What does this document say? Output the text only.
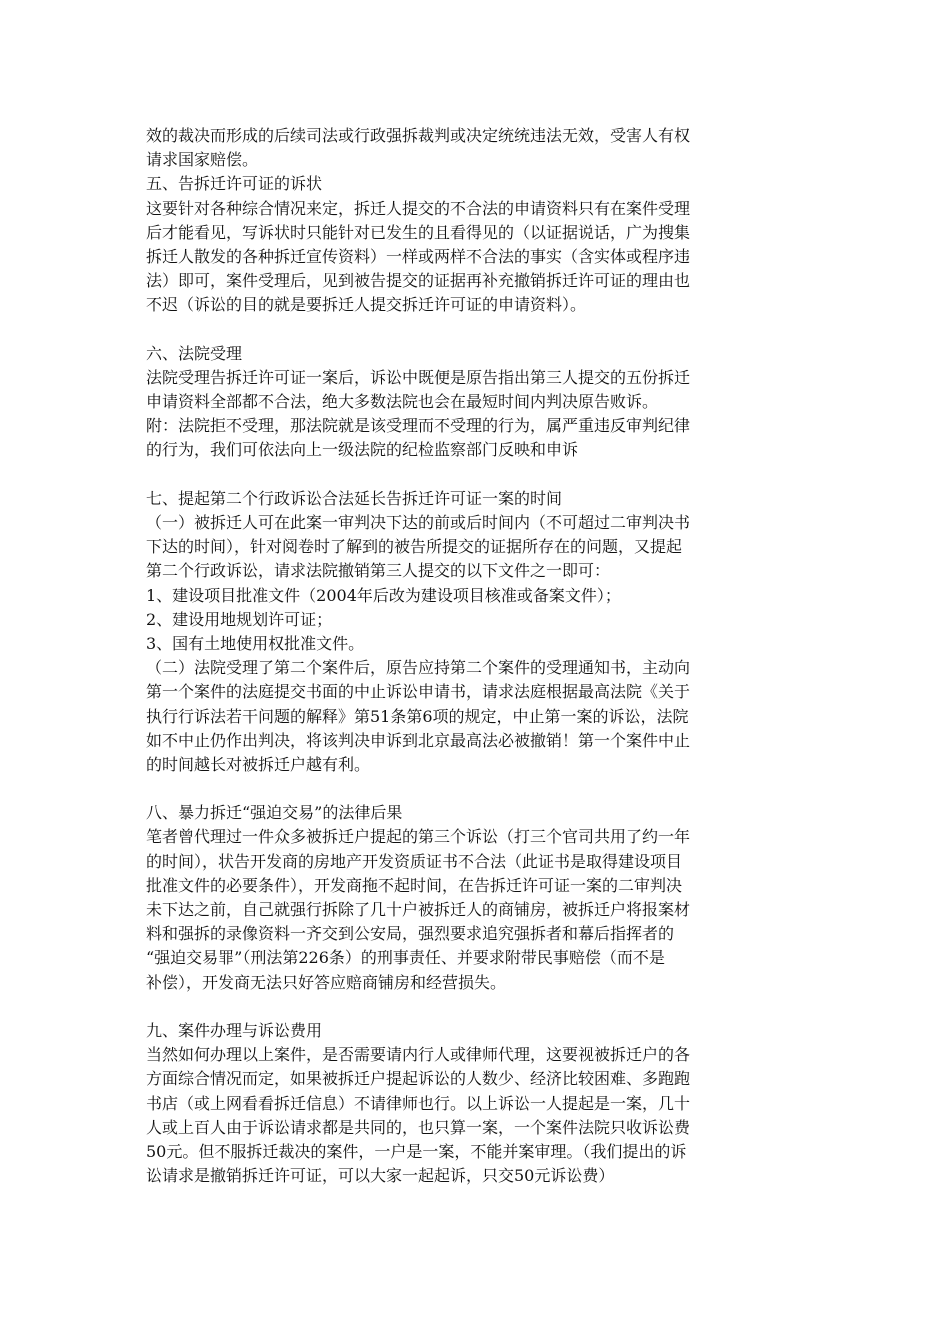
效的裁决而形成的后续司法或行政强拆裁判或决定统统违法无效，受害人有权
请求国家赔偿。
五、告拆迁许可证的诉状
这要针对各种综合情况来定，拆迁人提交的不合法的申请资料只有在案件受理
后才能看见，写诉状时只能针对已发生的且看得见的（以证据说话，广为搜集
拆迁人散发的各种拆迁宣传资料）一样或两样不合法的事实（含实体或程序违
法）即可，案件受理后，见到被告提交的证据再补充撤销拆迁许可证的理由也
不迟（诉讼的目的就是要拆迁人提交拆迁许可证的申请资料）。
六、法院受理
法院受理告拆迁许可证一案后，诉讼中既便是原告指出第三人提交的五份拆迁
申请资料全部都不合法，绝大多数法院也会在最短时间内判决原告败诉。
附：法院拒不受理，那法院就是该受理而不受理的行为，属严重违反审判纪律
的行为，我们可依法向上一级法院的纪检监察部门反映和申诉
七、提起第二个行政诉讼合法延长告拆迁许可证一案的时间
（一）被拆迁人可在此案一审判决下达的前或后时间内（不可超过二审判决书
下达的时间），针对阅卷时了解到的被告所提交的证据所存在的问题，又提起
第二个行政诉讼，请求法院撤销第三人提交的以下文件之一即可：
1、建设项目批准文件（2004年后改为建设项目核准或备案文件）；
2、建设用地规划许可证；
3、国有土地使用权批准文件。
（二）法院受理了第二个案件后，原告应持第二个案件的受理通知书，主动向
第一个案件的法庭提交书面的中止诉讼申请书，请求法庭根据最高法院《关于
执行行诉法若干问题的解释》第51条第6项的规定，中止第一案的诉讼，法院
如不中止仍作出判决，将该判决申诉到北京最高法必被撤销！第一个案件中止
的时间越长对被拆迁户越有利。
八、暴力拆迁“强迫交易”的法律后果
笔者曾代理过一件众多被拆迁户提起的第三个诉讼（打三个官司共用了约一年
的时间），状告开发商的房地产开发资质证书不合法（此证书是取得建设项目
批准文件的必要条件），开发商拖不起时间，在告拆迁许可证一案的二审判决
未下达之前，自己就强行拆除了几十户被拆迁人的商铺房，被拆迁户将报案材
料和强拆的录像资料一齐交到公安局，强烈要求追究强拆者和幕后指挥者的
“强迫交易罪”（刑法第226条）的刑事责任、并要求附带民事赔偿（而不是
补偿），开发商无法只好答应赔商铺房和经营损失。
九、案件办理与诉讼费用
当然如何办理以上案件，是否需要请内行人或律师代理，这要视被拆迁户的各
方面综合情况而定，如果被拆迁户提起诉讼的人数少、经济比较困难、多跑跑
书店（或上网看看拆迁信息）不请律师也行。以上诉讼一人提起是一案，几十
人或上百人由于诉讼请求都是共同的，也只算一案，一个案件法院只收诉讼费
50元。但不服拆迁裁决的案件，一户是一案，不能并案审理。（我们提出的诉
讼请求是撤销拆迁许可证，可以大家一起起诉，只交50元诉讼费）
